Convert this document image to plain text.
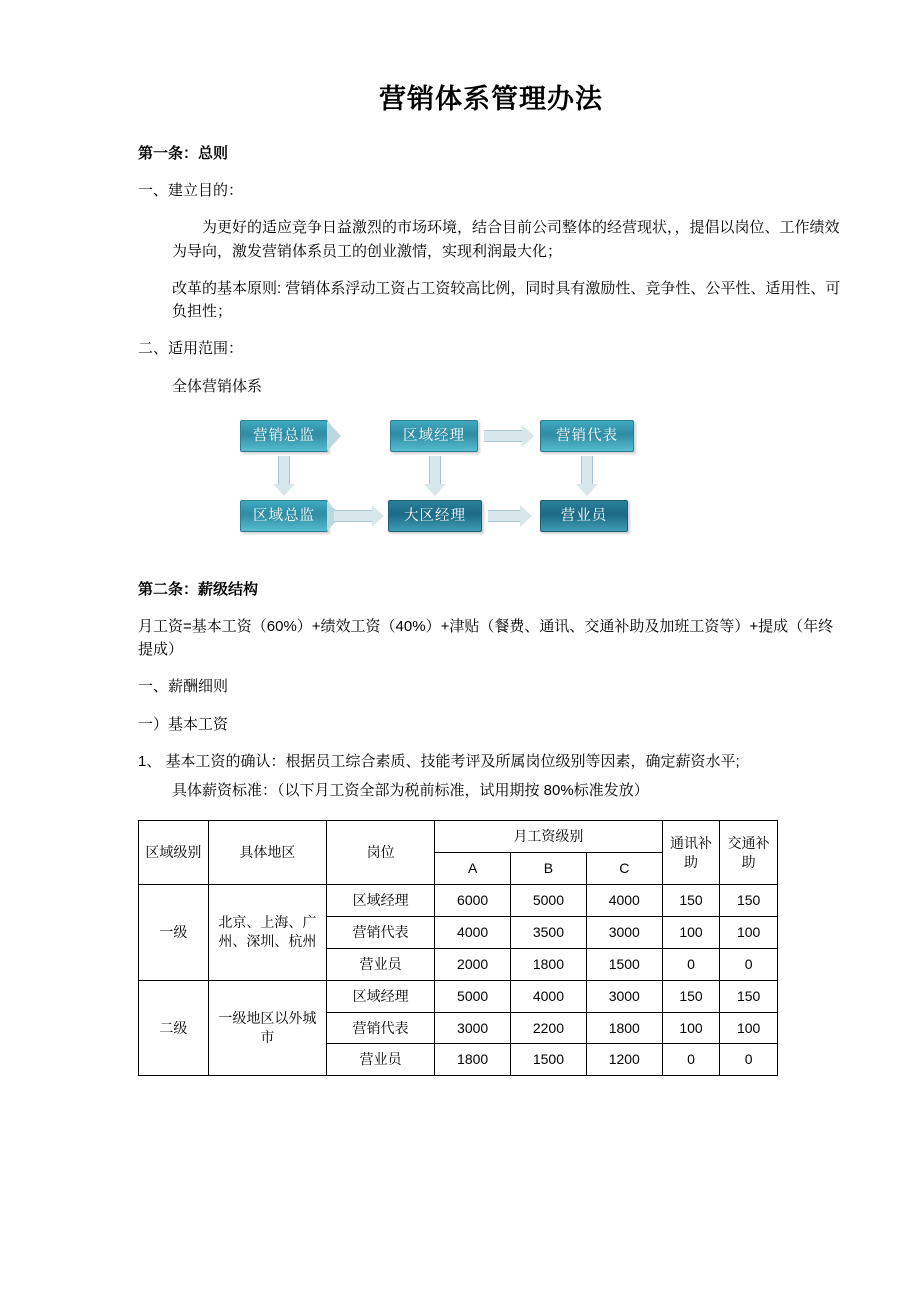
营销体系管理办法
第一条：总则

一、建立目的：

为更好的适应竞争日益激烈的市场环境，结合目前公司整体的经营现状，，提倡以岗位、工作绩效为导向，激发营销体系员工的创业激情，实现利润最大化；

改革的基本原则: 营销体系浮动工资占工资较高比例，同时具有激励性、竞争性、公平性、适用性、可负担性；

二、适用范围：

全体营销体系

营销总监	区域经理	营销代表
区域总监	大区经理	营业员
第二条：薪级结构

月工资=基本工资（60%）+绩效工资（40%）+津贴（餐费、通讯、交通补助及加班工资等）+提成（年终提成）

一、薪酬细则

一）基本工资

1、 基本工资的确认：根据员工综合素质、技能考评及所属岗位级别等因素，确定薪资水平;

具体薪资标准：（以下月工资全部为税前标准，试用期按 80%标准发放）

区域级别	具体地区	岗位	月工资级别			通讯补助	交通补助
			A	B	C		
一级	北京、上海、广州、深圳、杭州	区域经理	6000	5000	4000	150	150
		营销代表	4000	3500	3000	100	100
		营业员	2000	1800	1500	0	0
二级	一级地区以外城市	区域经理	5000	4000	3000	150	150
		营销代表	3000	2200	1800	100	100
		营业员	1800	1500	1200	0	0
